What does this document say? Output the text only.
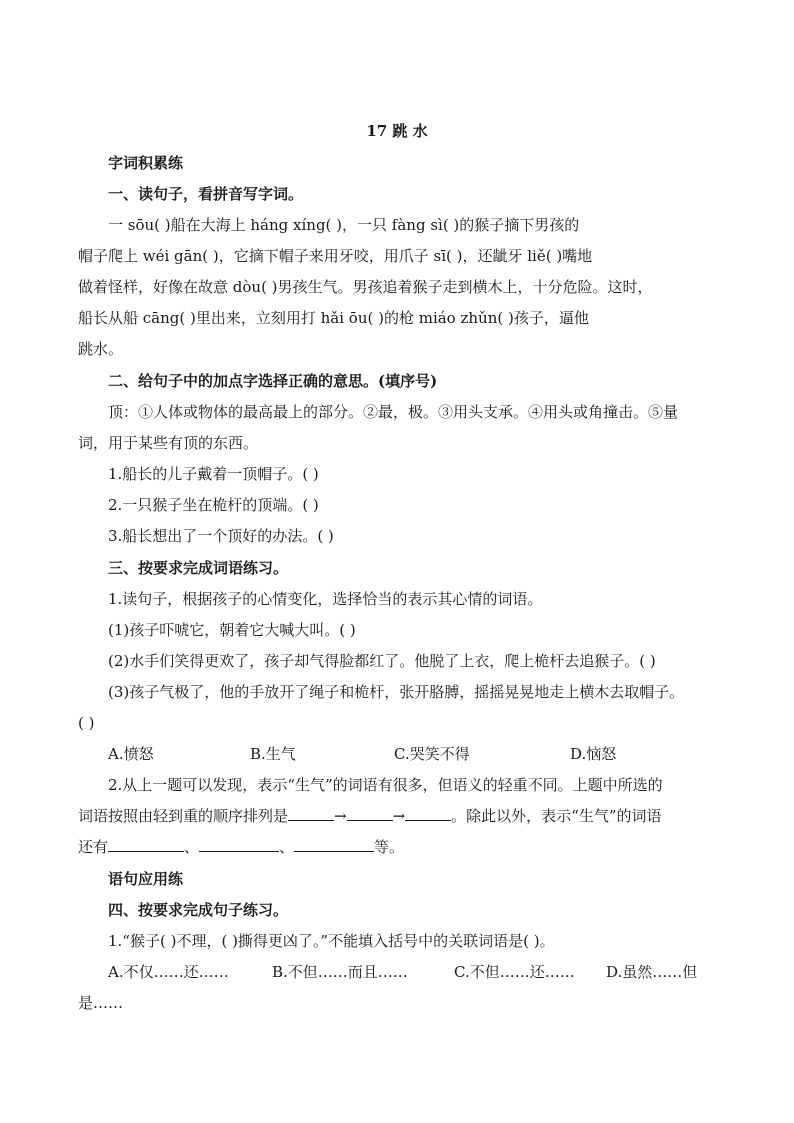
17 跳 水
字词积累练
一、读句子，看拼音写字词。
一 sōu( )船在大海上 háng xíng( )，一只 fàng sì( )的猴子摘下男孩的
帽子爬上 wéi gān( )，它摘下帽子来用牙咬，用爪子 sī( )，还龇牙 liě( )嘴地
做着怪样，好像在故意 dòu( )男孩生气。男孩追着猴子走到横木上，十分危险。这时，
船长从船 cāng( )里出来，立刻用打 hǎi ōu( )的枪 miáo zhǔn( )孩子，逼他
跳水。
二、给句子中的加点字选择正确的意思。(填序号)
顶：①人体或物体的最高最上的部分。②最，极。③用头支承。④用头或角撞击。⑤量
词，用于某些有顶的东西。
1.船长的儿子戴着一顶帽子。( )
2.一只猴子坐在桅杆的顶端。( )
3.船长想出了一个顶好的办法。( )
三、按要求完成词语练习。
1.读句子，根据孩子的心情变化，选择恰当的表示其心情的词语。
(1)孩子吓唬它，朝着它大喊大叫。( )
(2)水手们笑得更欢了，孩子却气得脸都红了。他脱了上衣，爬上桅杆去追猴子。( )
(3)孩子气极了，他的手放开了绳子和桅杆，张开胳膊，摇摇晃晃地走上横木去取帽子。
( )
A.愤怒	B.生气	C.哭笑不得	D.恼怒
2.从上一题可以发现，表示“生气”的词语有很多，但语义的轻重不同。上题中所选的
词语按照由轻到重的顺序排列是	→	→	。除此以外，表示“生气”的词语
还有	、	、	等。
语句应用练
四、按要求完成句子练习。
1.“猴子( )不理，( )撕得更凶了。”不能填入括号中的关联词语是( )。
A.不仅……还……	B.不但……而且……	C.不但……还…… D.虽然……但
是……
